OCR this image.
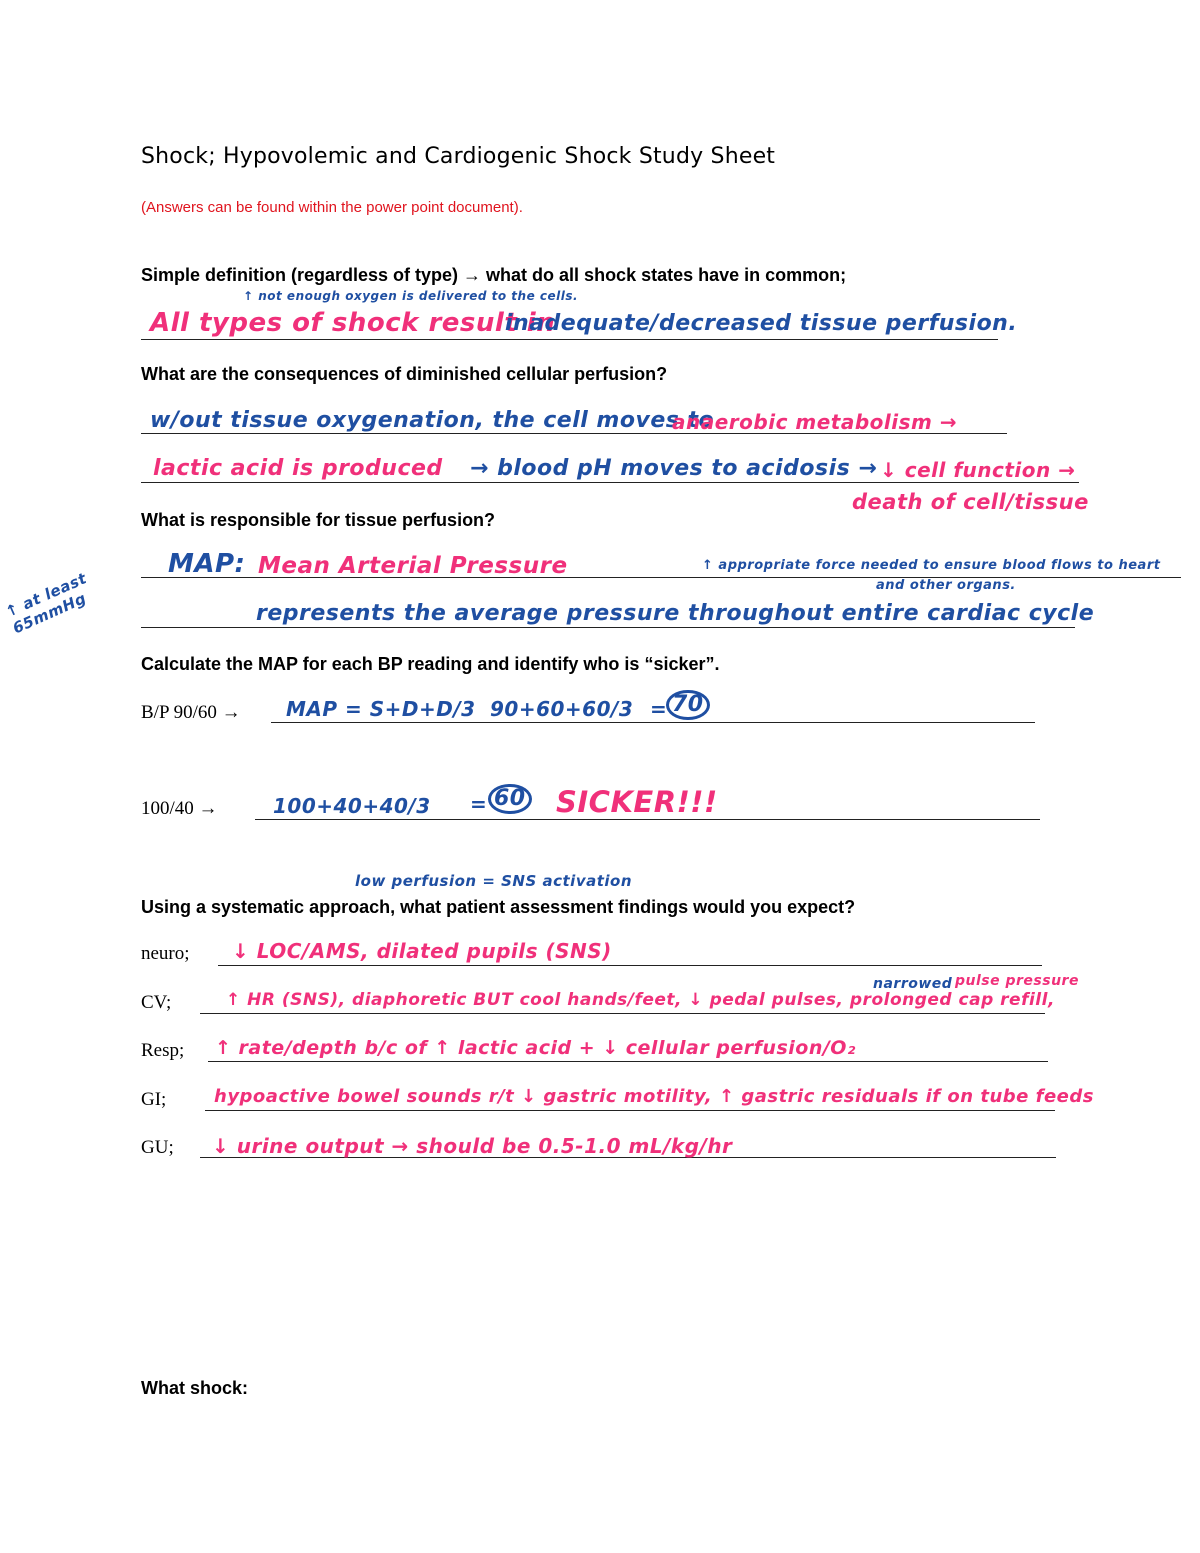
Shock; Hypovolemic and Cardiogenic Shock Study Sheet
(Answers can be found within the power point document).
Simple definition (regardless of type) → what do all shock states have in common;
↑ not enough oxygen is delivered to the cells.
All types of shock result in
inadequate/decreased tissue perfusion.
What are the consequences of diminished cellular perfusion?
w/out tissue oxygenation, the cell moves to
anaerobic metabolism →
lactic acid is produced → blood pH moves to acidosis → ↓ cell function →
death of cell/tissue
What is responsible for tissue perfusion?
MAP: Mean Arterial Pressure	↑ appropriate force needed to ensure blood flows to heart
and other organs.
↑ at least 65mmHg	represents the average pressure throughout entire cardiac cycle
Calculate the MAP for each BP reading and identify who is “sicker”.
B/P 90/60 → MAP = S+D+D/3 90+60+60/3 = 70
100/40 →	100+40+40/3 = 60 SICKER!!!
low perfusion = SNS activation
Using a systematic approach, what patient assessment findings would you expect?
neuro; ↓ LOC/AMS, dilated pupils (SNS)
narrowed pulse pressure
CV;	↑ HR (SNS), diaphoretic BUT cool hands/feet, ↓ pedal pulses, prolonged cap refill,
Resp; ↑ rate/depth b/c of ↑ lactic acid + ↓ cellular perfusion/O₂
GI;	hypoactive bowel sounds r/t ↓ gastric motility, ↑ gastric residuals if on tube feeds
GU; ↓ urine output → should be 0.5-1.0 mL/kg/hr
What shock:
